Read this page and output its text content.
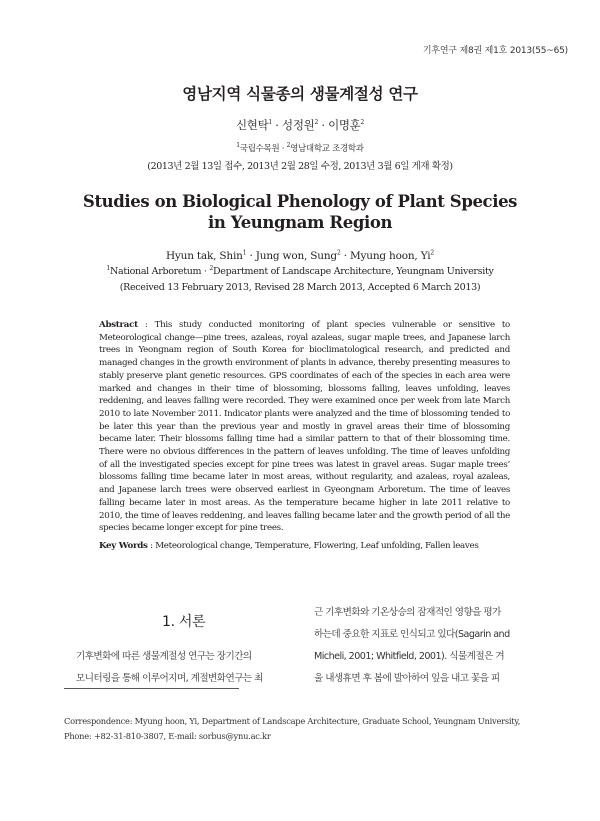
기후연구 제8권 제1호 2013(55~65)
영남지역 식물종의 생물계절성 연구
신현탁$^1$ · 성정원$^2$ · 이명훈$^2$
$^1$국립수목원 · $^2$영남대학교 조경학과
(2013년 2월 13일 접수, 2013년 2월 28일 수정, 2013년 3월 6일 게재 확정)
Studies on Biological Phenology of Plant Species
in Yeungnam Region
Hyun tak, Shin$^1$ · Jung won, Sung$^2$ · Myung hoon, Yi$^2$
$^1$National Arboretum · $^2$Department of Landscape Architecture, Yeungnam University
(Received 13 February 2013, Revised 28 March 2013, Accepted 6 March 2013)
Abstract : This study conducted monitoring of plant species vulnerable or sensitive to Meteorological change—pine trees, azaleas, royal azaleas, sugar maple trees, and Japanese larch trees in Yeongnam region of South Korea for bioclimatological research, and predicted and managed changes in the growth environment of plants in advance, thereby presenting measures to stably preserve plant genetic resources. GPS coordinates of each of the species in each area were marked and changes in their time of blossoming, blossoms falling, leaves unfolding, leaves reddening, and leaves falling were recorded. They were examined once per week from late March 2010 to late November 2011. Indicator plants were analyzed and the time of blossoming tended to be later this year than the previous year and mostly in gravel areas their time of blossoming became later. Their blossoms falling time had a similar pattern to that of their blossoming time. There were no obvious differences in the pattern of leaves unfolding. The time of leaves unfolding of all the investigated species except for pine trees was latest in gravel areas. Sugar maple trees’ blossoms falling time became later in most areas, without regularity, and azaleas, royal azaleas, and Japanese larch trees were observed earliest in Gyeongnam Arboretum. The time of leaves falling became later in most areas. As the temperature became higher in late 2011 relative to 2010, the time of leaves reddening, and leaves falling became later and the growth period of all the species became longer except for pine trees.
Key Words : Meteorological change, Temperature, Flowering, Leaf unfolding, Fallen leaves
1. 서론
기후변화에 따른 생물계절성 연구는 장기간의
모니터링을 통해 이루어지며, 계절변화연구는 최
근 기후변화와 기온상승의 잠재적인 영향을 평가
하는데 중요한 지표로 인식되고 있다(Sagarin and
Micheli, 2001; Whitfield, 2001). 식물계절은 겨
울 내생휴면 후 봄에 발아하여 잎을 내고 꽃을 피
Correspondence: Myung hoon, Yi, Department of Landscape Architecture, Graduate School, Yeungnam University, Phone: +82-31-810-3807, E-mail: sorbus@ynu.ac.kr
